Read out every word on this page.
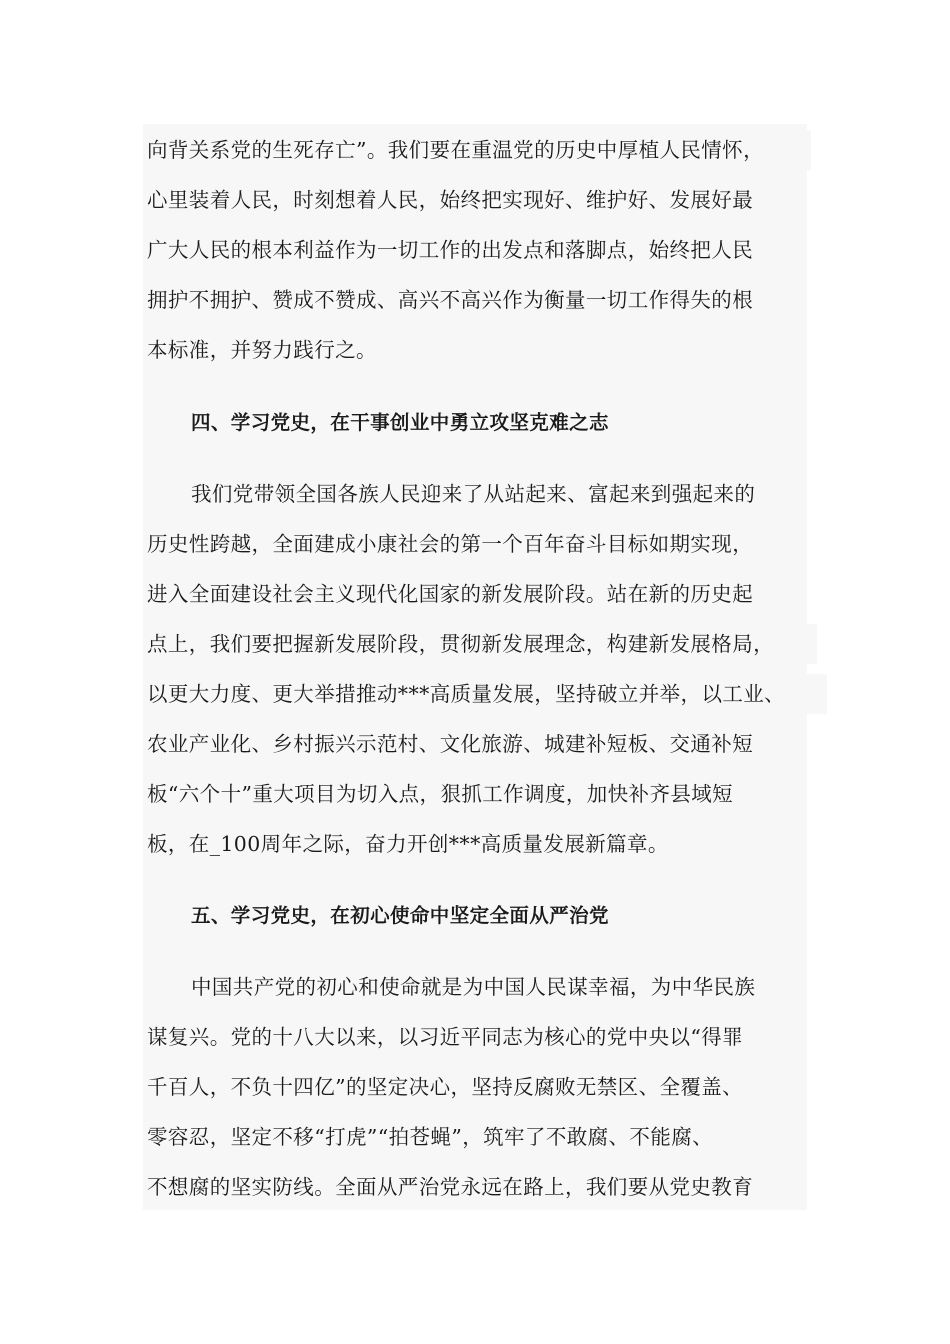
向背关系党的生死存亡”。我们要在重温党的历史中厚植人民情怀，
心里装着人民，时刻想着人民，始终把实现好、维护好、发展好最
广大人民的根本利益作为一切工作的出发点和落脚点，始终把人民
拥护不拥护、赞成不赞成、高兴不高兴作为衡量一切工作得失的根
本标准，并努力践行之。
四、学习党史，在干事创业中勇立攻坚克难之志
我们党带领全国各族人民迎来了从站起来、富起来到强起来的
历史性跨越，全面建成小康社会的第一个百年奋斗目标如期实现，
进入全面建设社会主义现代化国家的新发展阶段。站在新的历史起
点上，我们要把握新发展阶段，贯彻新发展理念，构建新发展格局，
以更大力度、更大举措推动***高质量发展，坚持破立并举，以工业、
农业产业化、乡村振兴示范村、文化旅游、城建补短板、交通补短
板“六个十”重大项目为切入点，狠抓工作调度，加快补齐县域短
板，在_100周年之际，奋力开创***高质量发展新篇章。
五、学习党史，在初心使命中坚定全面从严治党
中国共产党的初心和使命就是为中国人民谋幸福，为中华民族
谋复兴。党的十八大以来，以习近平同志为核心的党中央以“得罪
千百人，不负十四亿”的坚定决心，坚持反腐败无禁区、全覆盖、
零容忍，坚定不移“打虎”“拍苍蝇”，筑牢了不敢腐、不能腐、
不想腐的坚实防线。全面从严治党永远在路上，我们要从党史教育
